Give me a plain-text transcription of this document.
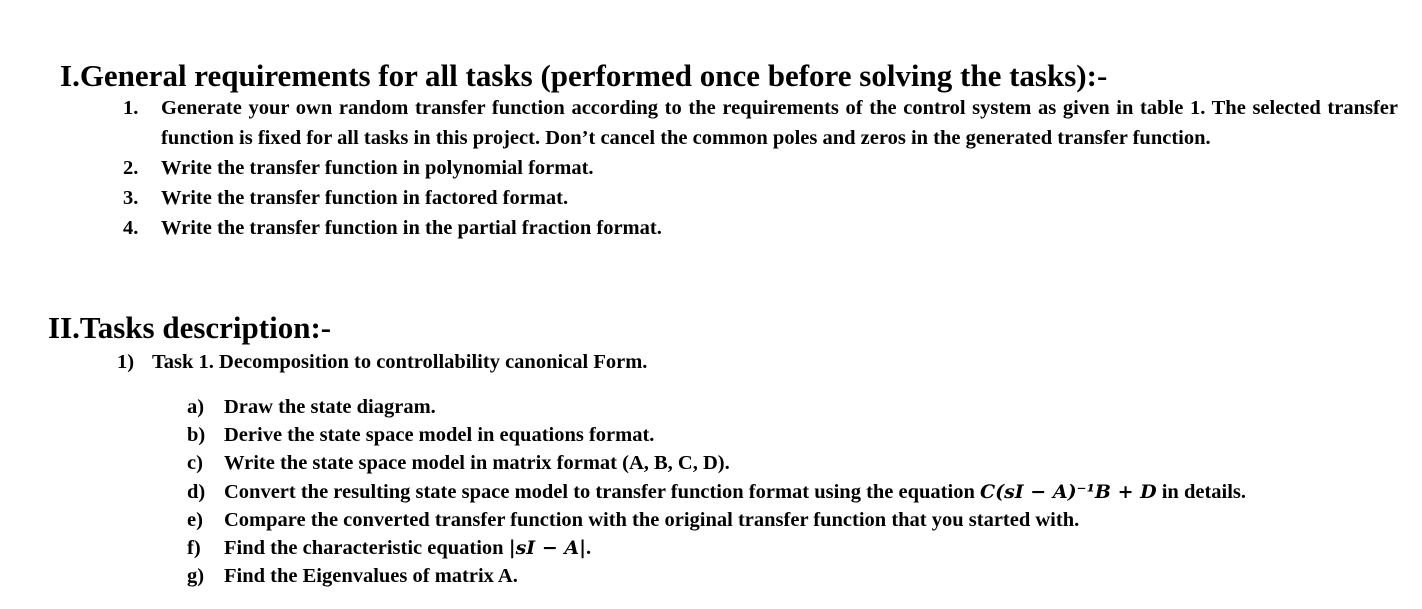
I.General requirements for all tasks (performed once before solving the tasks):-
1. Generate your own random transfer function according to the requirements of the control system as given in table 1. The selected transfer function is fixed for all tasks in this project. Don’t cancel the common poles and zeros in the generated transfer function.
2. Write the transfer function in polynomial format.
3. Write the transfer function in factored format.
4. Write the transfer function in the partial fraction format.
II.Tasks description:-
1) Task 1. Decomposition to controllability canonical Form.
a) Draw the state diagram.
b) Derive the state space model in equations format.
c) Write the state space model in matrix format (A, B, C, D).
d) Convert the resulting state space model to transfer function format using the equation C(sI − A)⁻¹B + D in details.
e) Compare the converted transfer function with the original transfer function that you started with.
f) Find the characteristic equation |sI − A|.
g) Find the Eigenvalues of matrix A.
